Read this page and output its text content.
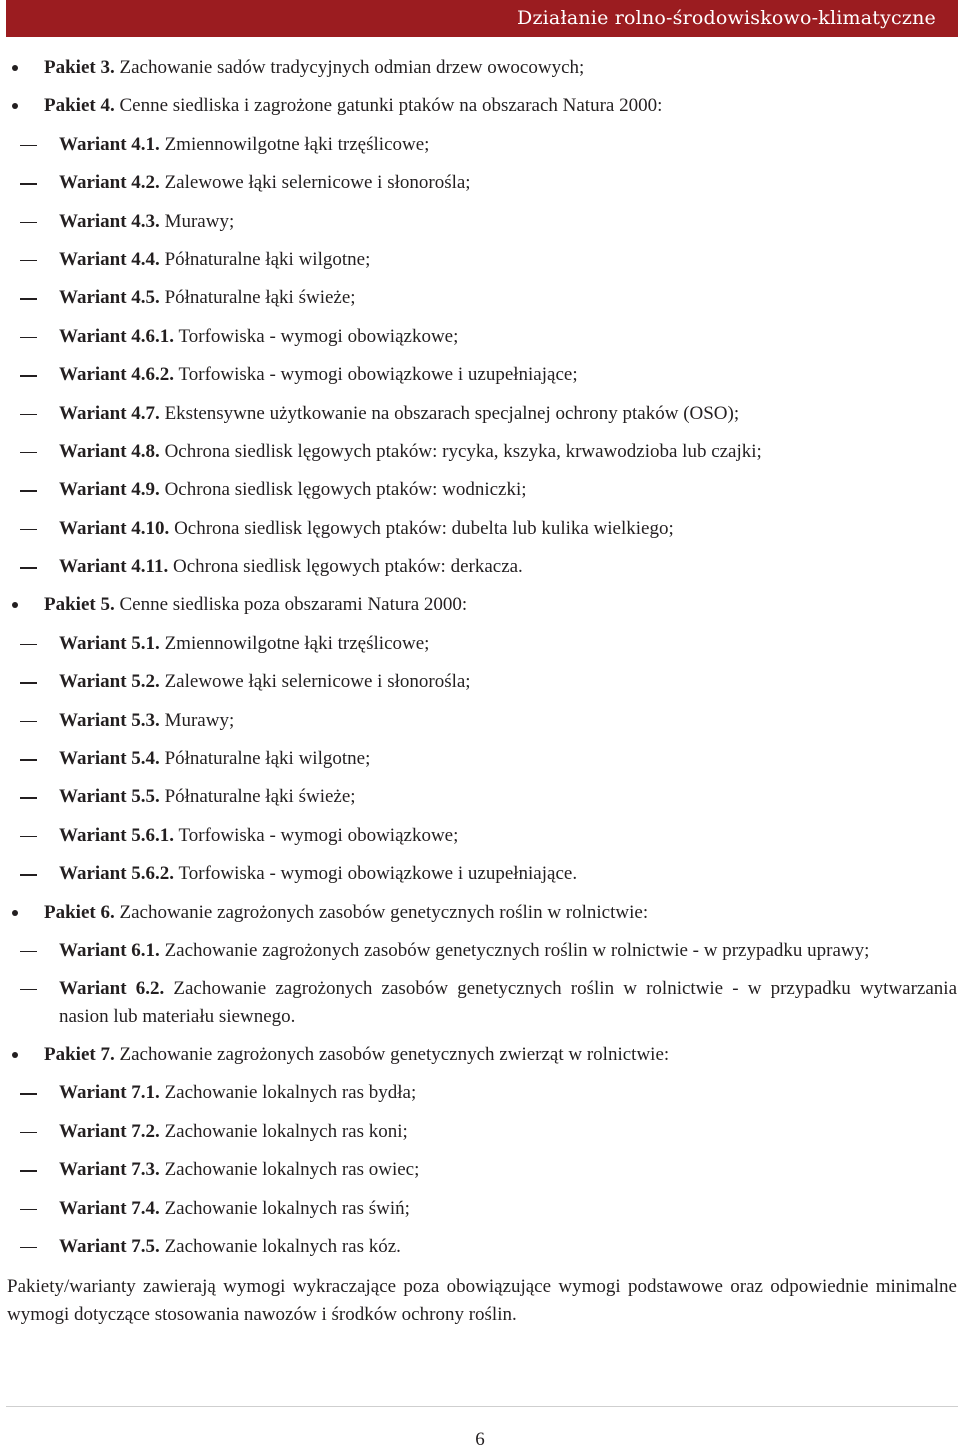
Działanie rolno-środowiskowo-klimatyczne
Pakiet 3. Zachowanie sadów tradycyjnych odmian drzew owocowych;
Pakiet 4. Cenne siedliska i zagrożone gatunki ptaków na obszarach Natura 2000:
Wariant 4.1. Zmiennowilgotne łąki trzęślicowe;
Wariant 4.2. Zalewowe łąki selernicowe i słonorośla;
Wariant 4.3. Murawy;
Wariant 4.4. Półnaturalne łąki wilgotne;
Wariant 4.5. Półnaturalne łąki świeże;
Wariant 4.6.1. Torfowiska - wymogi obowiązkowe;
Wariant 4.6.2. Torfowiska - wymogi obowiązkowe i uzupełniające;
Wariant 4.7. Ekstensywne użytkowanie na obszarach specjalnej ochrony ptaków (OSO);
Wariant 4.8. Ochrona siedlisk lęgowych ptaków: rycyka, kszyka, krwawodzioba lub czajki;
Wariant 4.9. Ochrona siedlisk lęgowych ptaków: wodniczki;
Wariant 4.10. Ochrona siedlisk lęgowych ptaków: dubelta lub kulika wielkiego;
Wariant 4.11. Ochrona siedlisk lęgowych ptaków: derkacza.
Pakiet 5. Cenne siedliska poza obszarami Natura 2000:
Wariant 5.1. Zmiennowilgotne łąki trzęślicowe;
Wariant 5.2. Zalewowe łąki selernicowe i słonorośla;
Wariant 5.3. Murawy;
Wariant 5.4. Półnaturalne łąki wilgotne;
Wariant 5.5. Półnaturalne łąki świeże;
Wariant 5.6.1. Torfowiska - wymogi obowiązkowe;
Wariant 5.6.2. Torfowiska - wymogi obowiązkowe i uzupełniające.
Pakiet 6. Zachowanie zagrożonych zasobów genetycznych roślin w rolnictwie:
Wariant 6.1. Zachowanie zagrożonych zasobów genetycznych roślin w rolnictwie - w przypadku uprawy;
Wariant 6.2. Zachowanie zagrożonych zasobów genetycznych roślin w rolnictwie - w przypadku wytwarzania nasion lub materiału siewnego.
Pakiet 7. Zachowanie zagrożonych zasobów genetycznych zwierząt w rolnictwie:
Wariant 7.1. Zachowanie lokalnych ras bydła;
Wariant 7.2. Zachowanie lokalnych ras koni;
Wariant 7.3. Zachowanie lokalnych ras owiec;
Wariant 7.4. Zachowanie lokalnych ras świń;
Wariant 7.5. Zachowanie lokalnych ras kóz.
Pakiety/warianty zawierają wymogi wykraczające poza obowiązujące wymogi podstawowe oraz odpowiednie minimalne wymogi dotyczące stosowania nawozów i środków ochrony roślin.
6
